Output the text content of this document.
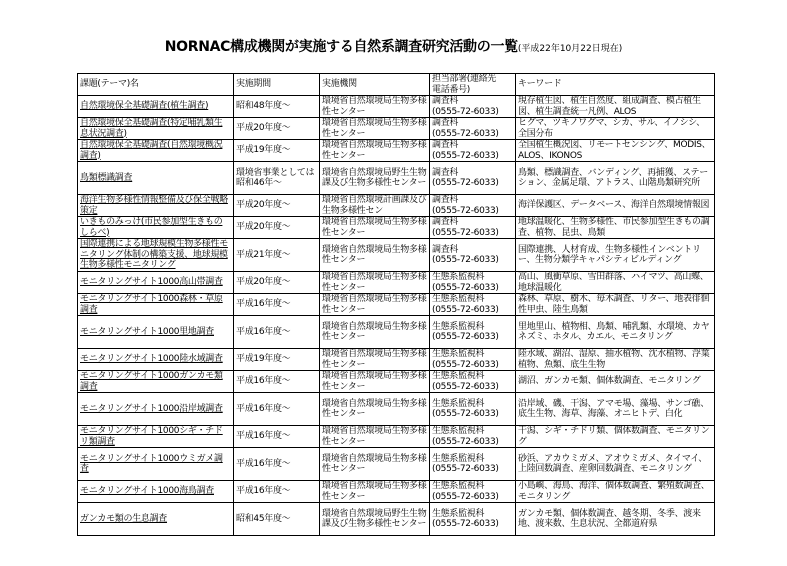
NORNAC構成機関が実施する自然系調査研究活動の一覧(平成22年10月22日現在)
課題(テーマ)名	実施期間	実施機関	担当部署(連絡先
電話番号)	キーワード
自然環境保全基礎調査(植生調査)	昭和48年度～	環境省自然環境局生物多様性センター	調査科
(0555-72-6033)	現存植生図、植生自然度、組成調査、模占植生図、植生調査統一凡例、ALOS
自然環境保全基礎調査(特定哺乳類生息状況調査)	平成20年度～	環境省自然環境局生物多様性センター	調査科
(0555-72-6033)	ヒグマ、ツキノワグマ、シカ、サル、イノシシ、全国分布
自然環境保全基礎調査(自然環境概況調査)	平成19年度～	環境省自然環境局生物多様性センター	調査科
(0555-72-6033)	全国植生概況図、リモートセンシング、MODIS、ALOS、IKONOS
鳥類標識調査	環境省事業としては昭和46年～	環境省自然環境局野生生物課及び生物多様性センター	調査科
(0555-72-6033)	鳥類、標識調査、バンディング、再捕獲、ステーション、金属足環、アトラス、山階鳥類研究所
海洋生物多様性情報整備及び保全戦略策定	平成20年度～	環境省自然環境計画課及び生物多様性セン	調査科
(0555-72-6033)	海洋保護区、データベース、海洋自然環境情報図
いきものみっけ(市民参加型生きものしらべ)	平成20年度～	環境省自然環境局生物多様性センター	調査科
(0555-72-6033)	地球温暖化、生物多様性、市民参加型生きもの調査、植物、昆虫、鳥類
国際連携による地球規模生物多様性モニタリング体制の構築支援、地球規模生物多様性モニタリング	平成21年度～	環境省自然環境局生物多様性センター	調査科
(0555-72-6033)	国際連携、人材育成、生物多様性インベントリー、生物分類学キャパシティビルディング
モニタリングサイト1000高山帯調査	平成20年度～	環境省自然環境局生物多様性センター	生態系監視科
(0555-72-6033)	高山、風衝草原、雪田群落、ハイマツ、高山蝶、地球温暖化
モニタリングサイト1000森林・草原調査	平成16年度～	環境省自然環境局生物多様性センター	生態系監視科
(0555-72-6033)	森林、草原、樹木、毎木調査、リター、地表徘徊性甲虫、陸生鳥類
モニタリングサイト1000里地調査	平成16年度～	環境省自然環境局生物多様性センター	生態系監視科
(0555-72-6033)	里地里山、植物相、鳥類、哺乳類、水環境、カヤネズミ、ホタル、カエル、モニタリング
モニタリングサイト1000陸水域調査	平成19年度～	環境省自然環境局生物多様性センター	生態系監視科
(0555-72-6033)	陸水域、湖沼、湿原、抽水植物、沈水植物、浮葉植物、魚類、底生生物
モニタリングサイト1000ガンカモ類調査	平成16年度～	環境省自然環境局生物多様性センター	生態系監視科
(0555-72-6033)	湖沼、ガンカモ類、個体数調査、モニタリング
モニタリングサイト1000沿岸域調査	平成16年度～	環境省自然環境局生物多様性センター	生態系監視科
(0555-72-6033)	沿岸域、磯、干潟、アマモ場、藻場、サンゴ礁、底生生物、海草、海藻、オニヒトデ、白化
モニタリングサイト1000シギ・チドリ類調査	平成16年度～	環境省自然環境局生物多様性センター	生態系監視科
(0555-72-6033)	干潟、シギ・チドリ類、個体数調査、モニタリング
モニタリングサイト1000ウミガメ調査	平成16年度～	環境省自然環境局生物多様性センター	生態系監視科
(0555-72-6033)	砂浜、アカウミガメ、アオウミガメ、タイマイ、上陸回数調査、産卵回数調査、モニタリング
モニタリングサイト1000海鳥調査	平成16年度～	環境省自然環境局生物多様性センター	生態系監視科
(0555-72-6033)	小島嶼、海鳥、海洋、個体数調査、繁殖数調査、モニタリング
ガンカモ類の生息調査	昭和45年度～	環境省自然環境局野生生物課及び生物多様性センター	生態系監視科
(0555-72-6033)	ガンカモ類、個体数調査、越冬期、冬季、渡来地、渡来数、生息状況、全都道府県
